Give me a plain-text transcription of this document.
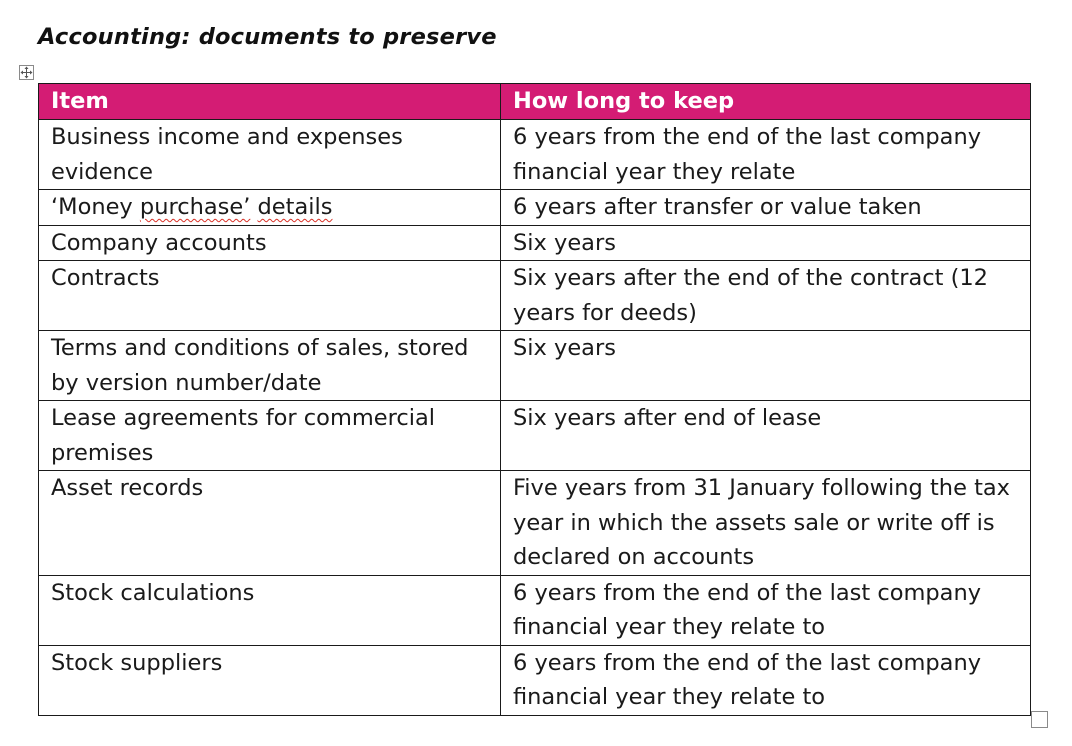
Accounting: documents to preserve
Item	How long to keep
Business income and expenses evidence	6 years from the end of the last company financial year they relate
‘Money purchase’ details	6 years after transfer or value taken
Company accounts	Six years
Contracts	Six years after the end of the contract (12 years for deeds)
Terms and conditions of sales, stored by version number/date	Six years
Lease agreements for commercial premises	Six years after end of lease
Asset records	Five years from 31 January following the tax year in which the assets sale or write off is declared on accounts
Stock calculations	6 years from the end of the last company financial year they relate to
Stock suppliers	6 years from the end of the last company financial year they relate to
